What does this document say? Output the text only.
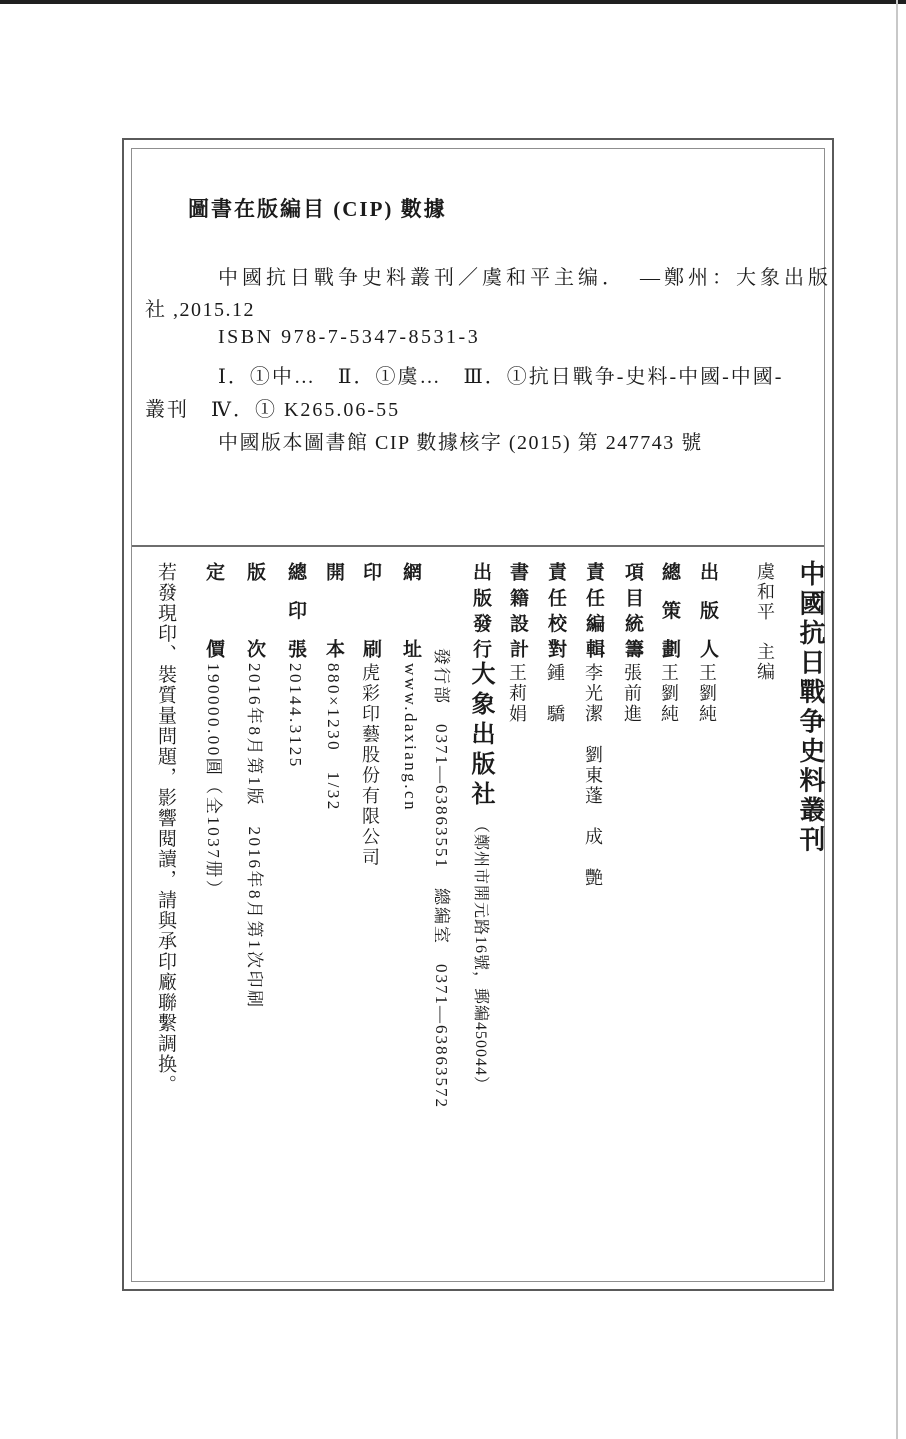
圖書在版編目 (CIP) 數據
中國抗日戰争史料叢刊／虞和平主编．　—鄭州：大象出版
社 ,2015.12
ISBN 978-7-5347-8531-3
Ⅰ．①中…　Ⅱ．①虞…　Ⅲ．①抗日戰争-史料-中國-中國-
叢刊　Ⅳ．① K265.06-55
中國版本圖書館 CIP 數據核字 (2015) 第 247743 號
中國抗日戰争史料叢刊
虞和平　主编
出版人王劉純
總策劃王劉純
項目統籌張前進
責任編輯李光潔　劉東蓬　成　艷
責任校對鍾　驕
書籍設計王莉娟
出版發行大象出版社（鄭州市開元路16號，郵編450044）
發行部　0371—63863551　總編室　0371—63863572
網址www.daxiang.cn
印刷虎彩印藝股份有限公司
開本880×1230　1/32
總印張20144.3125
版次2016年8月第1版　2016年8月第1次印刷
定價190000.00圓（全1037册）
若發現印、裝質量問題，影響閱讀，請與承印廠聯繫調换。
